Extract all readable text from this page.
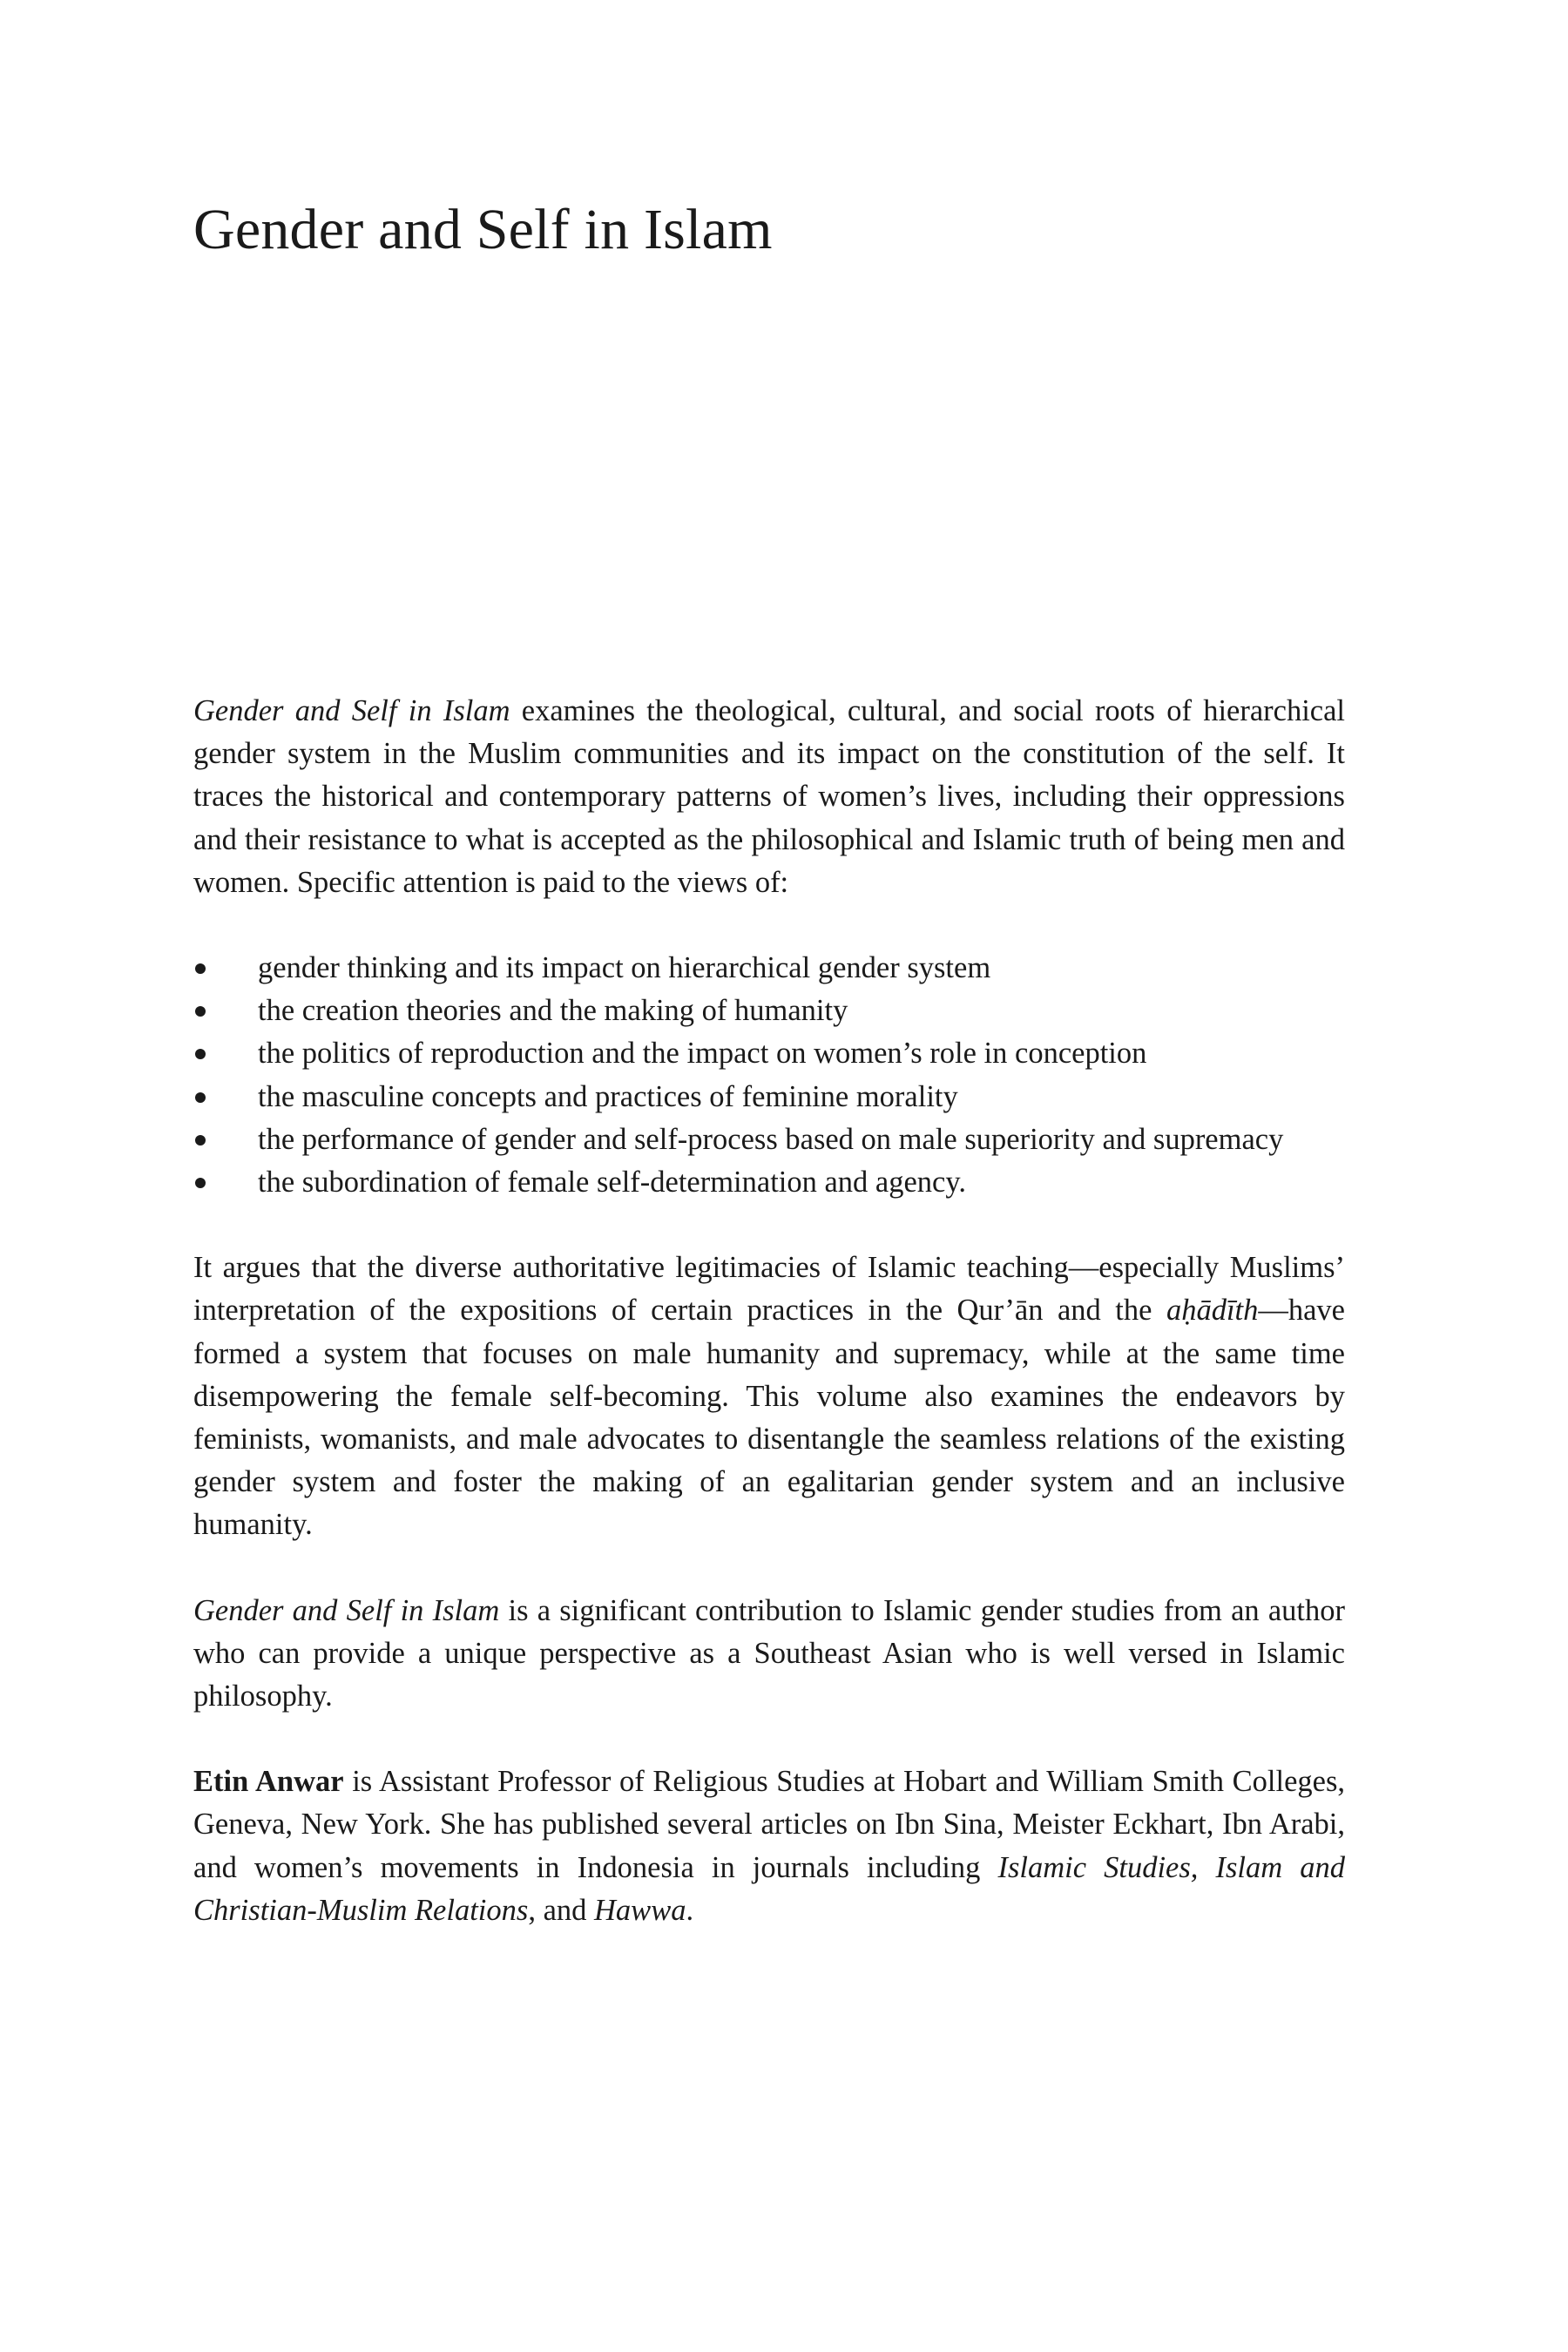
Gender and Self in Islam

Gender and Self in Islam examines the theological, cultural, and social roots of hierarchical gender system in the Muslim communities and its impact on the constitution of the self. It traces the historical and contemporary patterns of women’s lives, including their oppressions and their resistance to what is accepted as the philosophical and Islamic truth of being men and women. Specific attention is paid to the views of:

gender thinking and its impact on hierarchical gender system
the creation theories and the making of humanity
the politics of reproduction and the impact on women’s role in conception
the masculine concepts and practices of feminine morality
the performance of gender and self-process based on male superiority and supremacy
the subordination of female self-determination and agency.

It argues that the diverse authoritative legitimacies of Islamic teaching—especially Muslims’ interpretation of the expositions of certain practices in the Qur’ān and the aḥādīth—have formed a system that focuses on male humanity and supremacy, while at the same time disempowering the female self-becoming. This volume also examines the endeavors by feminists, womanists, and male advocates to disentangle the seamless relations of the existing gender system and foster the making of an egalitarian gender system and an inclusive humanity.

Gender and Self in Islam is a significant contribution to Islamic gender studies from an author who can provide a unique perspective as a Southeast Asian who is well versed in Islamic philosophy.

Etin Anwar is Assistant Professor of Religious Studies at Hobart and William Smith Colleges, Geneva, New York. She has published several articles on Ibn Sina, Meister Eckhart, Ibn Arabi, and women’s movements in Indonesia in journals including Islamic Studies, Islam and Christian-Muslim Relations, and Hawwa.
